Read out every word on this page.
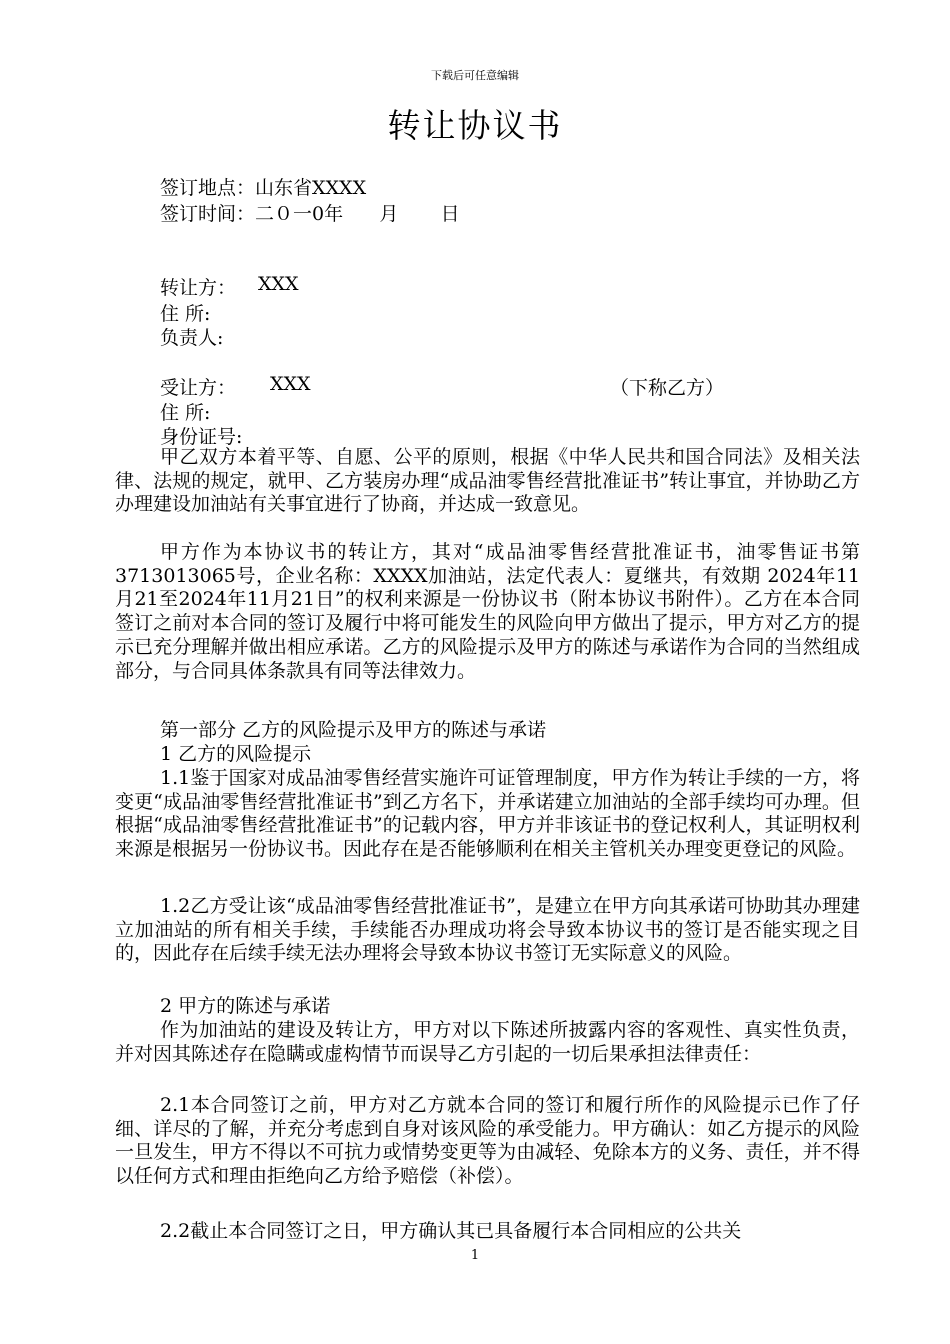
下载后可任意编辑
转让协议书
签订地点：山东省XXXX
签订时间：二０一0年      月       日
转让方： XXX
住 所:
负责人:
受让方： XXX	（下称乙方）
住 所:
身份证号:
甲乙双方本着平等、自愿、公平的原则，根据《中华人民共和国合同法》及相关法律、法规的规定，就甲、乙方装房办理“成品油零售经营批准证书”转让事宜，并协助乙方办理建设加油站有关事宜进行了协商，并达成一致意见。
甲方作为本协议书的转让方，其对“成品油零售经营批准证书，油零售证书第3713013065号，企业名称：XXXX加油站，法定代表人：夏继共，有效期 2024年11月21至2024年11月21日”的权利来源是一份协议书（附本协议书附件）。乙方在本合同签订之前对本合同的签订及履行中将可能发生的风险向甲方做出了提示，甲方对乙方的提示已充分理解并做出相应承诺。乙方的风险提示及甲方的陈述与承诺作为合同的当然组成部分，与合同具体条款具有同等法律效力。
第一部分 乙方的风险提示及甲方的陈述与承诺
1 乙方的风险提示
1.1鉴于国家对成品油零售经营实施许可证管理制度，甲方作为转让手续的一方，将变更“成品油零售经营批准证书”到乙方名下，并承诺建立加油站的全部手续均可办理。但根据“成品油零售经营批准证书”的记载内容，甲方并非该证书的登记权利人，其证明权利来源是根据另一份协议书。因此存在是否能够顺利在相关主管机关办理变更登记的风险。
1.2乙方受让该“成品油零售经营批准证书”，是建立在甲方向其承诺可协助其办理建立加油站的所有相关手续，手续能否办理成功将会导致本协议书的签订是否能实现之目的，因此存在后续手续无法办理将会导致本协议书签订无实际意义的风险。
2 甲方的陈述与承诺
作为加油站的建设及转让方，甲方对以下陈述所披露内容的客观性、真实性负责，并对因其陈述存在隐瞒或虚构情节而误导乙方引起的一切后果承担法律责任：
2.1本合同签订之前，甲方对乙方就本合同的签订和履行所作的风险提示已作了仔细、详尽的了解，并充分考虑到自身对该风险的承受能力。甲方确认：如乙方提示的风险一旦发生，甲方不得以不可抗力或情势变更等为由减轻、免除本方的义务、责任，并不得以任何方式和理由拒绝向乙方给予赔偿（补偿）。
2.2截止本合同签订之日，甲方确认其已具备履行本合同相应的公共关
1
